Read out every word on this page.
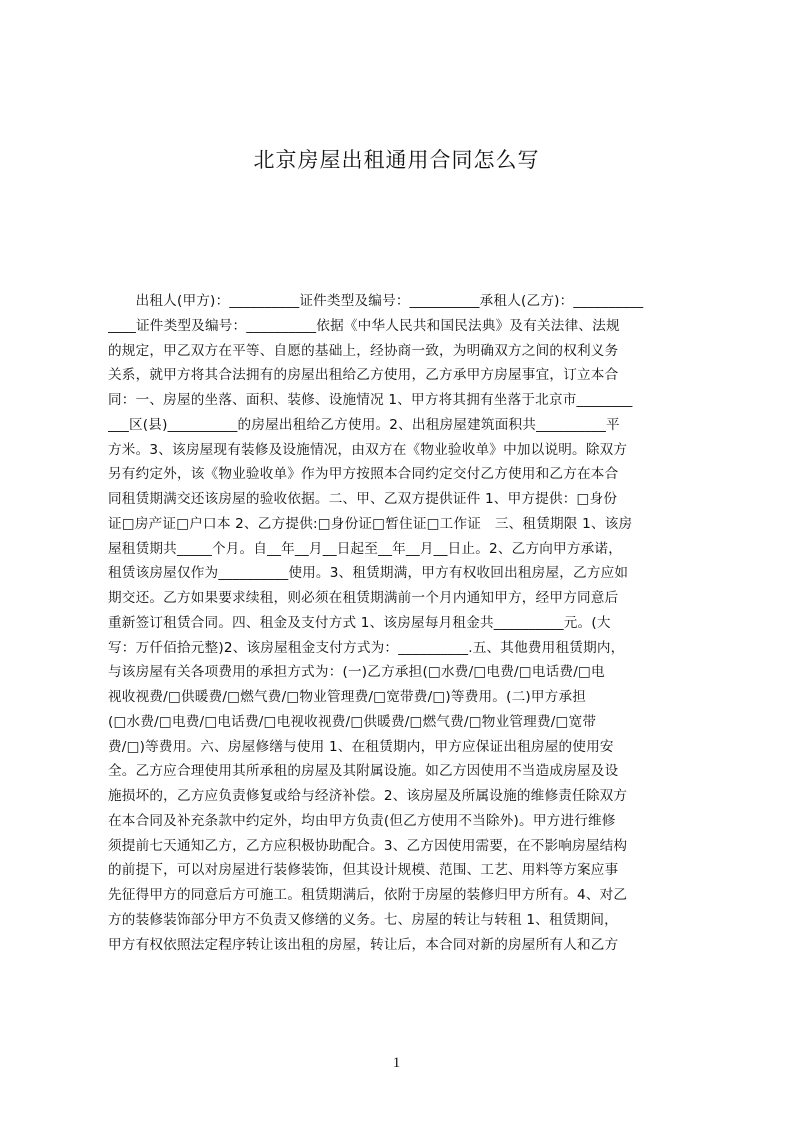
北京房屋出租通用合同怎么写
　　出租人(甲方)：__________证件类型及编号：__________承租人(乙方)：__________
____证件类型及编号：__________依据《中华人民共和国民法典》及有关法律、法规
的规定，甲乙双方在平等、自愿的基础上，经协商一致，为明确双方之间的权利义务
关系，就甲方将其合法拥有的房屋出租给乙方使用，乙方承甲方房屋事宜，订立本合
同：一、房屋的坐落、面积、装修、设施情况 1、甲方将其拥有坐落于北京市________
___区(县)__________的房屋出租给乙方使用。2、出租房屋建筑面积共__________平
方米。3、该房屋现有装修及设施情况，由双方在《物业验收单》中加以说明。除双方
另有约定外，该《物业验收单》作为甲方按照本合同约定交付乙方使用和乙方在本合
同租赁期满交还该房屋的验收依据。二、甲、乙双方提供证件 1、甲方提供：□身份
证□房产证□户口本 2、乙方提供:□身份证□暂住证□工作证　三、租赁期限 1、该房
屋租赁期共_____个月。自__年__月__日起至__年__月__日止。2、乙方向甲方承诺，
租赁该房屋仅作为__________使用。3、租赁期满，甲方有权收回出租房屋，乙方应如
期交还。乙方如果要求续租，则必须在租赁期满前一个月内通知甲方，经甲方同意后
重新签订租赁合同。四、租金及支付方式 1、该房屋每月租金共__________元。(大
写：万仟佰拾元整)2、该房屋租金支付方式为：__________.五、其他费用租赁期内，
与该房屋有关各项费用的承担方式为：(一)乙方承担(□水费/□电费/□电话费/□电
视收视费/□供暖费/□燃气费/□物业管理费/□宽带费/□)等费用。(二)甲方承担
(□水费/□电费/□电话费/□电视收视费/□供暖费/□燃气费/□物业管理费/□宽带
费/□)等费用。六、房屋修缮与使用 1、在租赁期内，甲方应保证出租房屋的使用安
全。乙方应合理使用其所承租的房屋及其附属设施。如乙方因使用不当造成房屋及设
施损坏的，乙方应负责修复或给与经济补偿。2、该房屋及所属设施的维修责任除双方
在本合同及补充条款中约定外，均由甲方负责(但乙方使用不当除外)。甲方进行维修
须提前七天通知乙方，乙方应积极协助配合。3、乙方因使用需要，在不影响房屋结构
的前提下，可以对房屋进行装修装饰，但其设计规模、范围、工艺、用料等方案应事
先征得甲方的同意后方可施工。租赁期满后，依附于房屋的装修归甲方所有。4、对乙
方的装修装饰部分甲方不负责又修缮的义务。七、房屋的转让与转租 1、租赁期间，
甲方有权依照法定程序转让该出租的房屋，转让后，本合同对新的房屋所有人和乙方
1
